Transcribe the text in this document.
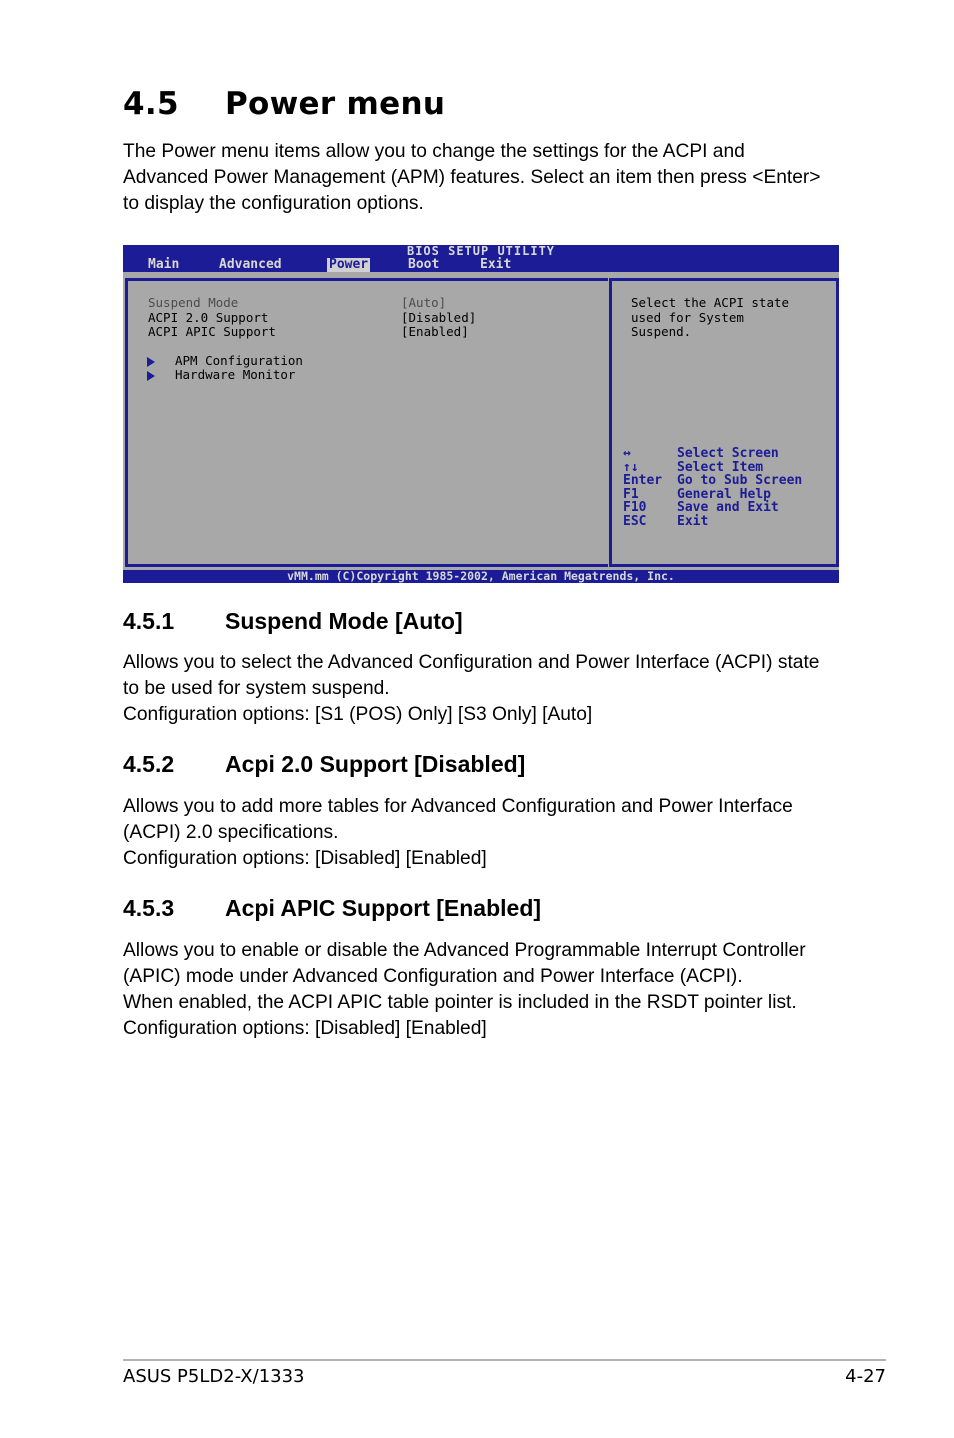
4.5 Power menu
The Power menu items allow you to change the settings for the ACPI and
Advanced Power Management (APM) features. Select an item then press <Enter>
to display the configuration options.
BIOS SETUP UTILITY
Main	Advanced	Power	Boot	Exit
Suspend Mode	[Auto]
ACPI 2.0 Support	[Disabled]
ACPI APIC Support	[Enabled]
APM Configuration
Hardware Monitor
Select the ACPI state
used for System
Suspend.
↔	Select Screen
↑↓	Select Item
Enter Go to Sub Screen
F1	General Help
F10 Save and Exit
ESC Exit
vMM.mm (C)Copyright 1985-2002, American Megatrends, Inc.
4.5.1 Suspend Mode [Auto]
Allows you to select the Advanced Configuration and Power Interface (ACPI) state
to be used for system suspend.
Configuration options: [S1 (POS) Only] [S3 Only] [Auto]
4.5.2 Acpi 2.0 Support [Disabled]
Allows you to add more tables for Advanced Configuration and Power Interface
(ACPI) 2.0 specifications.
Configuration options: [Disabled] [Enabled]
4.5.3 Acpi APIC Support [Enabled]
Allows you to enable or disable the Advanced Programmable Interrupt Controller
(APIC) mode under Advanced Configuration and Power Interface (ACPI).
When enabled, the ACPI APIC table pointer is included in the RSDT pointer list.
Configuration options: [Disabled] [Enabled]
ASUS P5LD2-X/1333	4-27
